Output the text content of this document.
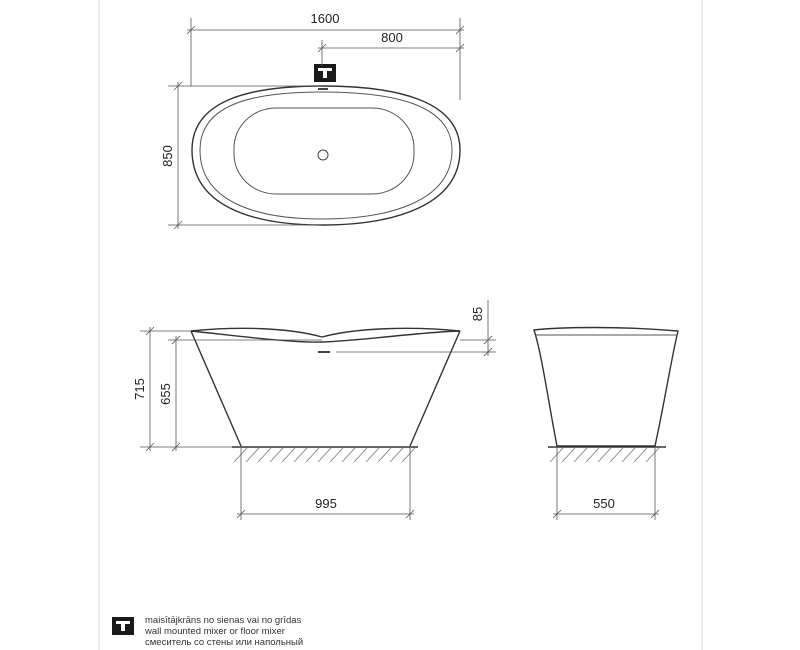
1600
800
850
715 655
85
995	550
maisītājkrāns no sienas vai no grīdas
wall mounted mixer or floor mixer
смеситель со стены или напольный
